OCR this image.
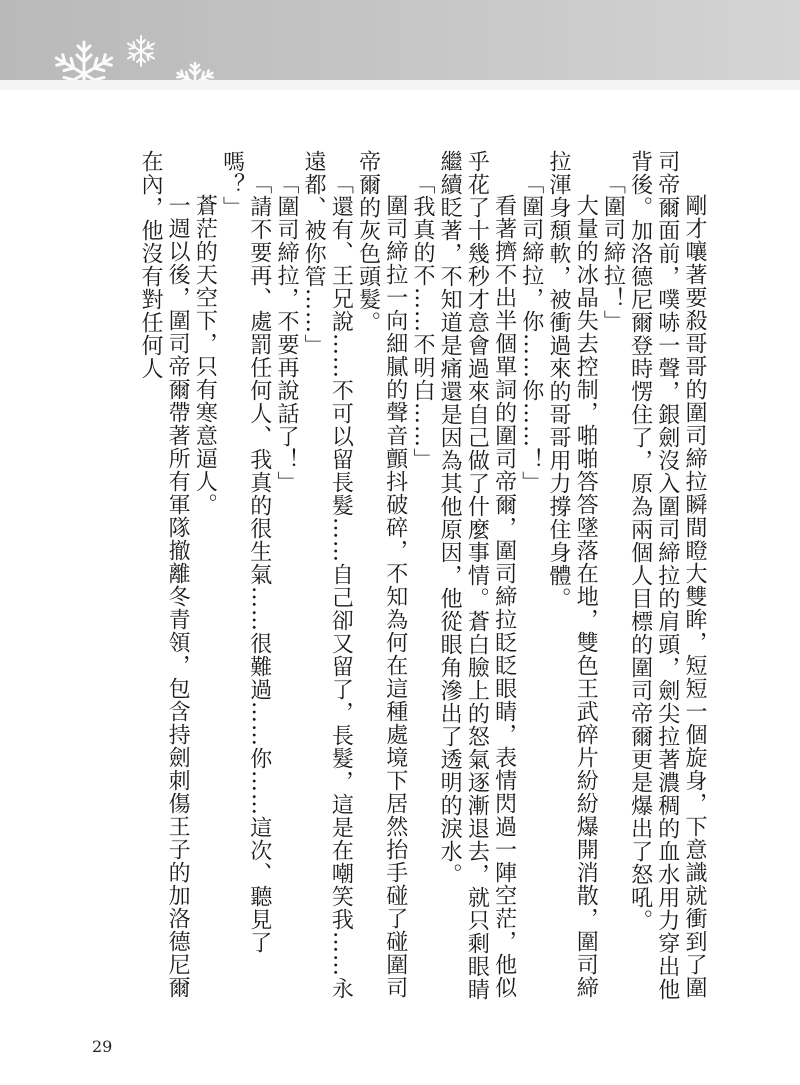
剛才嚷著要殺哥哥的圍司締拉瞬間瞪大雙眸，短短一個旋身，下意識就衝到了圍司帝爾面前，噗哧一聲，銀劍沒入圍司締拉的肩頭，劍尖拉著濃稠的血水用力穿出他背後。加洛德尼爾登時愣住了，原為兩個人目標的圍司帝爾更是爆出了怒吼。

「圍司締拉！」

大量的冰晶失去控制，啪啪答答墜落在地，雙色王武碎片紛紛爆開消散，圍司締拉渾身頹軟，被衝過來的哥哥用力撐住身體。

「圍司締拉，你……你……！」

看著擠不出半個單詞的圍司帝爾，圍司締拉眨眨眼睛，表情閃過一陣空茫，他似乎花了十幾秒才意會過來自己做了什麼事情。蒼白臉上的怒氣逐漸退去，就只剩眼睛繼續眨著，不知道是痛還是因為其他原因，他從眼角滲出了透明的淚水。

「我真的不……不明白……」

圍司締拉一向細膩的聲音顫抖破碎，不知為何在這種處境下居然抬手碰了碰圍司帝爾的灰色頭髮。

「還有、王兄說……不可以留長髮……自己卻又留了，長髮，這是在嘲笑我……永遠都、被你管……」

「圍司締拉，不要再說話了！」

「請不要再、處罰任何人、我真的很生氣……很難過……你……這次、聽見了嗎？」

蒼茫的天空下，只有寒意逼人。

一週以後，圍司帝爾帶著所有軍隊撤離冬青領，包含持劍刺傷王子的加洛德尼爾在內，他沒有對任何人

29
